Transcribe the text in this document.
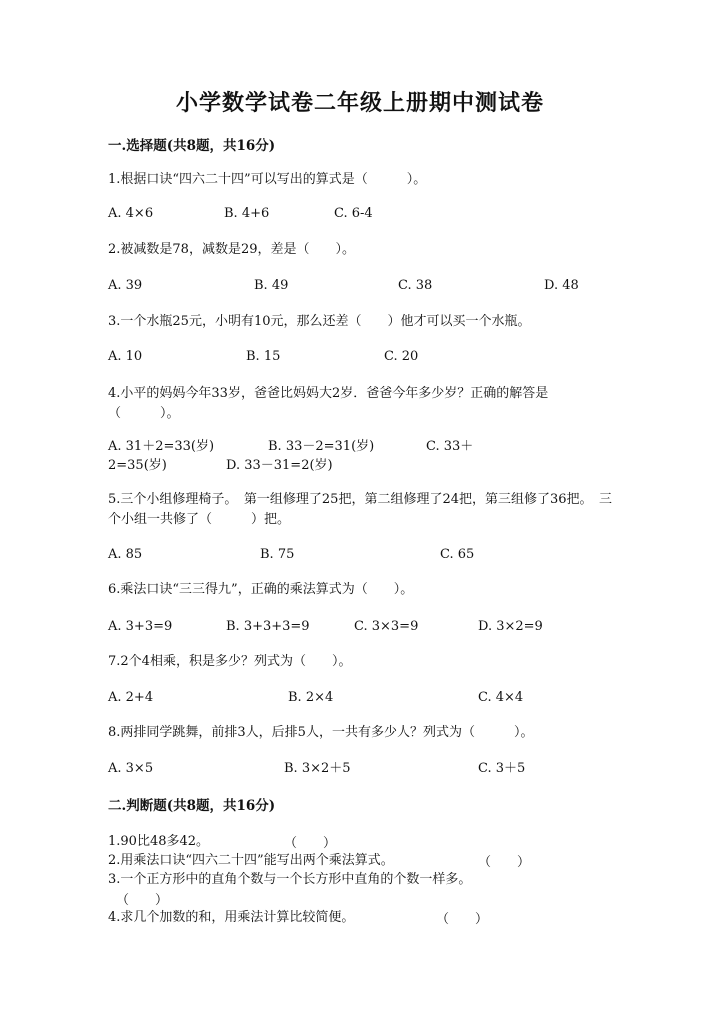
小学数学试卷二年级上册期中测试卷
一.选择题(共8题，共16分)
1.根据口诀“四六二十四”可以写出的算式是（　　　）。
A. 4×6	B. 4+6	C. 6-4
2.被减数是78，减数是29，差是（　　）。
A. 39	B. 49	C. 38	D. 48
3.一个水瓶25元，小明有10元，那么还差（　　）他才可以买一个水瓶。
A. 10	B. 15	C. 20
4.小平的妈妈今年33岁，爸爸比妈妈大2岁．爸爸今年多少岁？正确的解答是（　　　）。
A. 31＋2=33(岁)	B. 33－2=31(岁)	C. 33＋
2=35(岁)	D. 33－31=2(岁)
5.三个小组修理椅子。　第一组修理了25把，第二组修理了24把，第三组修了36把。　三个小组一共修了（　　　）把。
A. 85	B. 75	C. 65
6.乘法口诀“三三得九”，正确的乘法算式为（　　）。
A. 3+3=9	B. 3+3+3=9	C. 3×3=9	D. 3×2=9
7.2个4相乘，积是多少？列式为（　　）。
A. 2+4	B. 2×4	C. 4×4
8.两排同学跳舞，前排3人，后排5人，一共有多少人？列式为（　　　）。
A. 3×5	B. 3×2＋5	C. 3＋5
二.判断题(共8题，共16分)
1.90比48多42。	（　　）
2.用乘法口诀“四六二十四”能写出两个乘法算式。	（　　）
3.一个正方形中的直角个数与一个长方形中直角的个数一样多。
（　　）
4.求几个加数的和，用乘法计算比较简便。	（　　）
